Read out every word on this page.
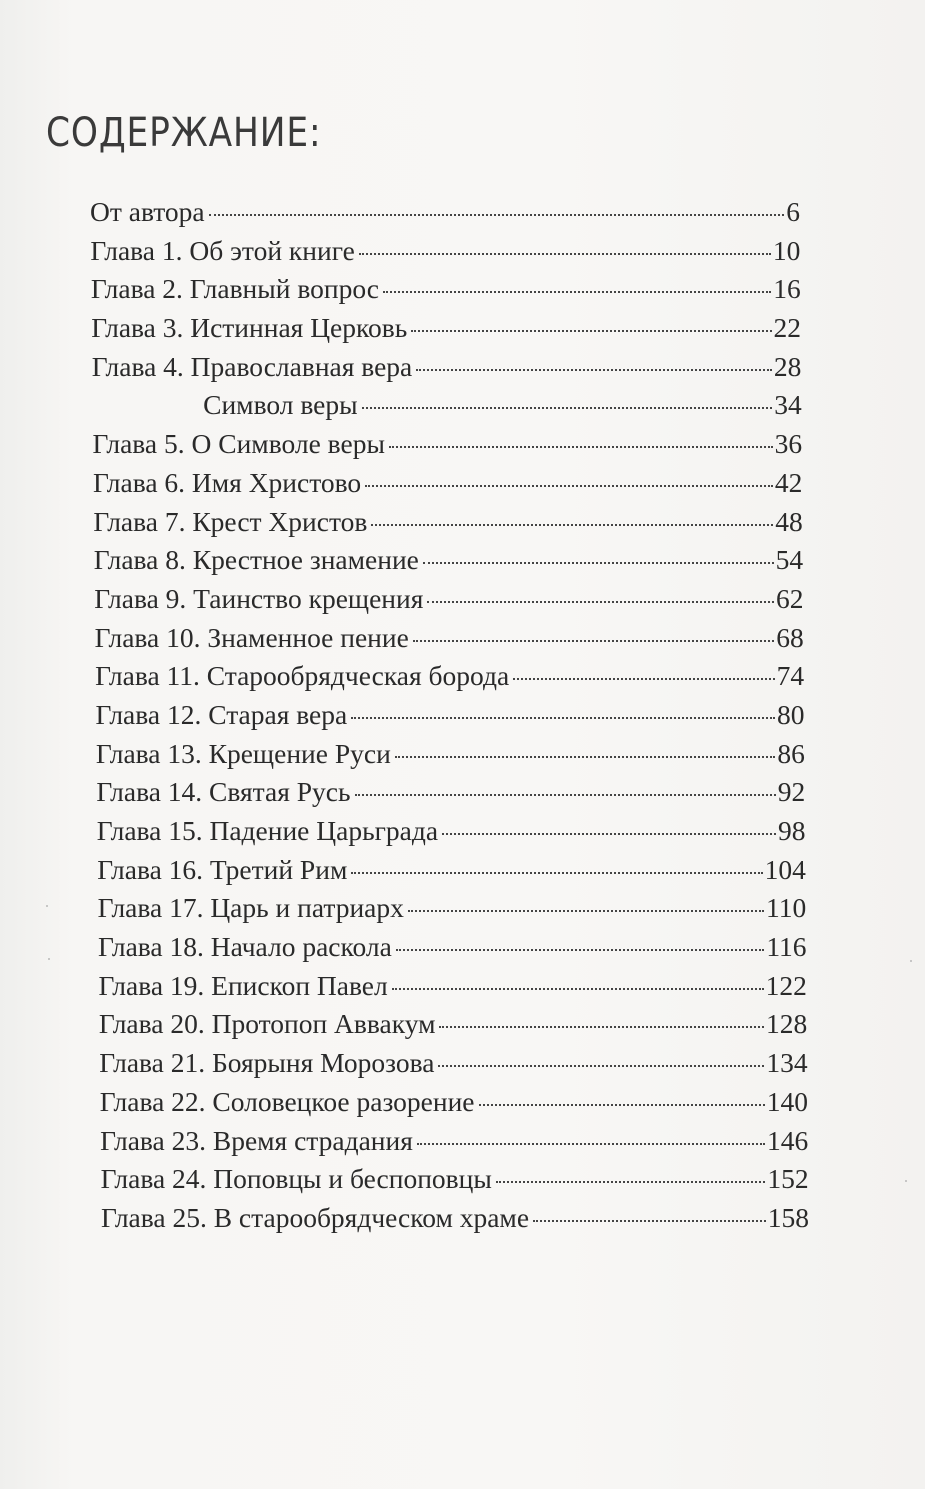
СОДЕРЖАНИЕ:
От автора	6
Глава 1. Об этой книге	10
Глава 2. Главный вопрос	16
Глава 3. Истинная Церковь	22
Глава 4. Православная вера	28
Символ веры	34
Глава 5. О Символе веры	36
Глава 6. Имя Христово	42
Глава 7. Крест Христов	48
Глава 8. Крестное знамение	54
Глава 9. Таинство крещения	62
Глава 10. Знаменное пение	68
Глава 11. Старообрядческая борода	74
Глава 12. Старая вера	80
Глава 13. Крещение Руси	86
Глава 14. Святая Русь	92
Глава 15. Падение Царьграда	98
Глава 16. Третий Рим	104
Глава 17. Царь и патриарх	110
Глава 18. Начало раскола	116
Глава 19. Епископ Павел	122
Глава 20. Протопоп Аввакум	128
Глава 21. Боярыня Морозова	134
Глава 22. Соловецкое разорение	140
Глава 23. Время страдания	146
Глава 24. Поповцы и беспоповцы	152
Глава 25. В старообрядческом храме	158
